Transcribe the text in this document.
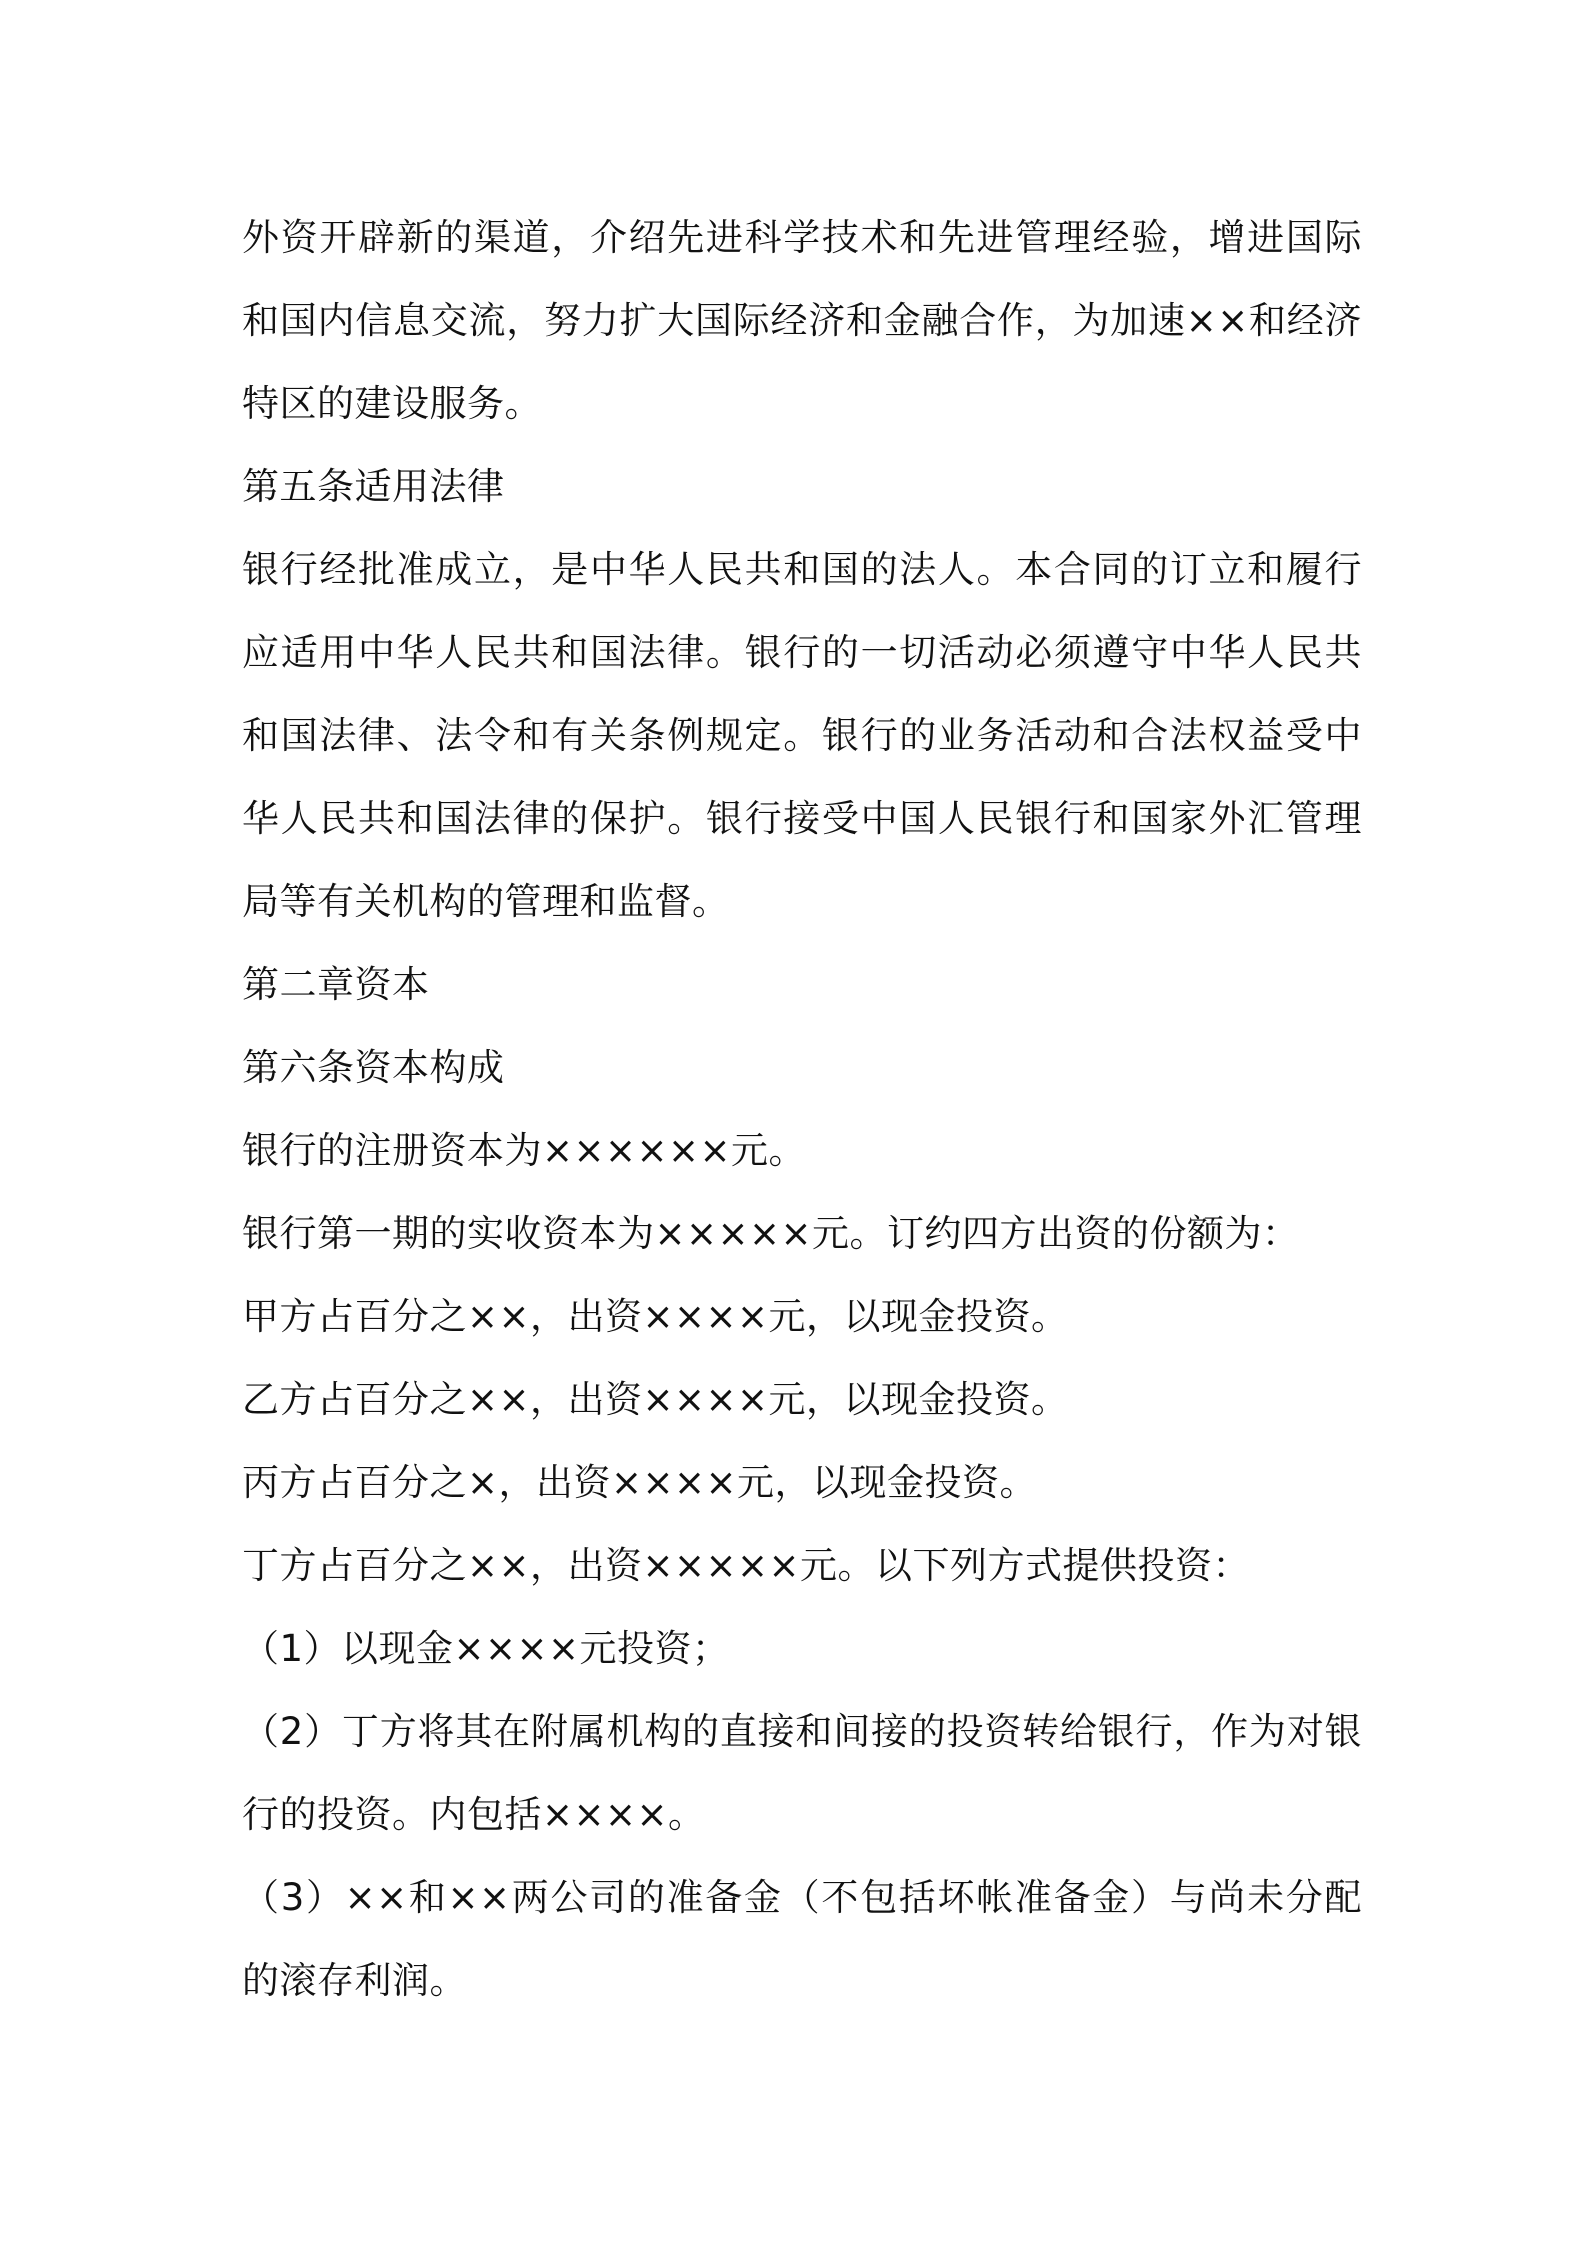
外资开辟新的渠道，介绍先进科学技术和先进管理经验，增进国际和国内信息交流，努力扩大国际经济和金融合作，为加速××和经济特区的建设服务。

第五条适用法律

银行经批准成立，是中华人民共和国的法人。本合同的订立和履行应适用中华人民共和国法律。银行的一切活动必须遵守中华人民共和国法律、法令和有关条例规定。银行的业务活动和合法权益受中华人民共和国法律的保护。银行接受中国人民银行和国家外汇管理局等有关机构的管理和监督。

第二章资本

第六条资本构成

银行的注册资本为××××××元。

银行第一期的实收资本为×××××元。订约四方出资的份额为：

甲方占百分之××，出资××××元，以现金投资。

乙方占百分之××，出资××××元，以现金投资。

丙方占百分之×，出资××××元，以现金投资。

丁方占百分之××，出资×××××元。以下列方式提供投资：

（1）以现金××××元投资；

（2）丁方将其在附属机构的直接和间接的投资转给银行，作为对银行的投资。内包括××××。

（3）××和××两公司的准备金（不包括坏帐准备金）与尚未分配的滚存利润。
